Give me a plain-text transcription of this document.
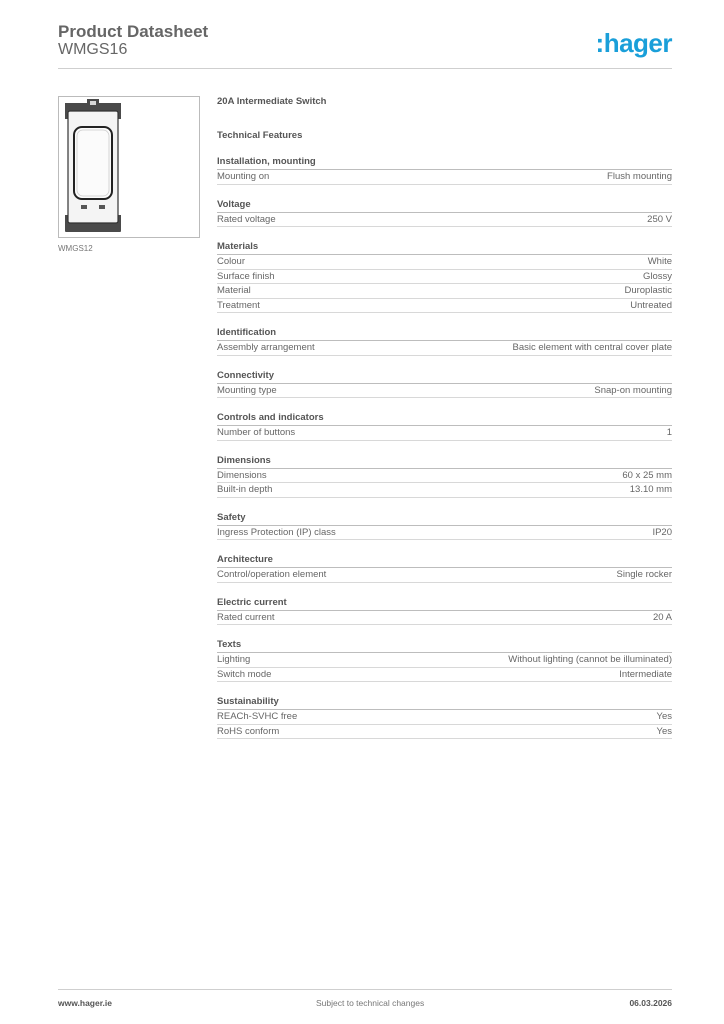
Product Datasheet
WMGS16	:hager
WMGS12
20A Intermediate Switch
Technical Features
Installation, mounting
Mounting on	Flush mounting
Voltage
Rated voltage	250 V
Materials
Colour	White
Surface finish	Glossy
Material	Duroplastic
Treatment	Untreated
Identification
Assembly arrangement	Basic element with central cover plate
Connectivity
Mounting type	Snap-on mounting
Controls and indicators
Number of buttons	1
Dimensions
Dimensions	60 x 25 mm
Built-in depth	13.10 mm
Safety
Ingress Protection (IP) class	IP20
Architecture
Control/operation element	Single rocker
Electric current
Rated current	20 A
Texts
Lighting	Without lighting (cannot be illuminated)
Switch mode	Intermediate
Sustainability
REACh-SVHC free	Yes
RoHS conform	Yes
www.hager.ie	Subject to technical changes	06.03.2026
